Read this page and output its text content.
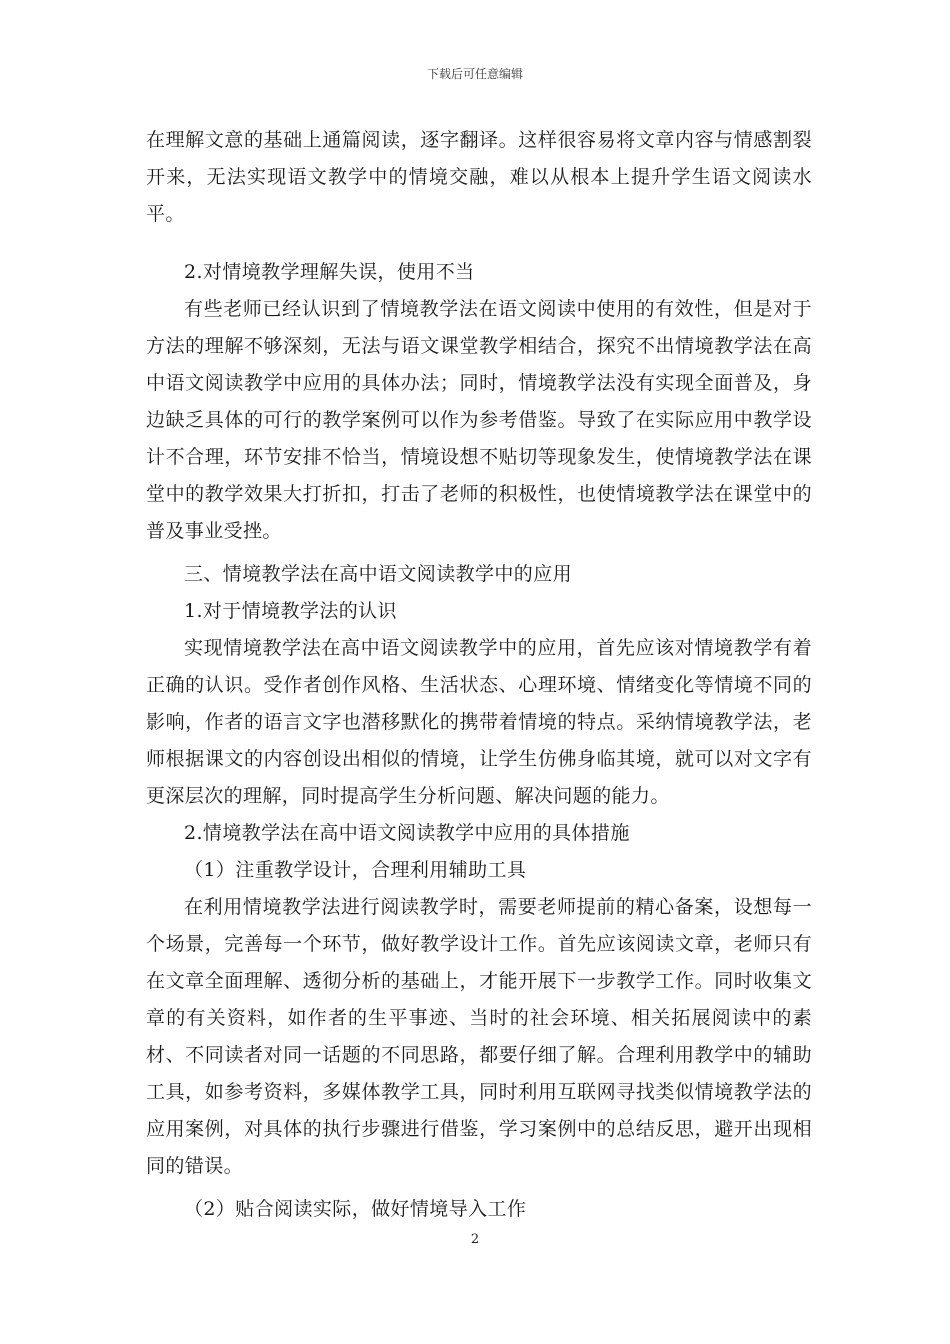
下载后可任意编辑

在理解文意的基础上通篇阅读，逐字翻译。这样很容易将文章内容与情感割裂开来，无法实现语文教学中的情境交融，难以从根本上提升学生语文阅读水平。

2.对情境教学理解失误，使用不当

有些老师已经认识到了情境教学法在语文阅读中使用的有效性，但是对于方法的理解不够深刻，无法与语文课堂教学相结合，探究不出情境教学法在高中语文阅读教学中应用的具体办法；同时，情境教学法没有实现全面普及，身边缺乏具体的可行的教学案例可以作为参考借鉴。导致了在实际应用中教学设计不合理，环节安排不恰当，情境设想不贴切等现象发生，使情境教学法在课堂中的教学效果大打折扣，打击了老师的积极性，也使情境教学法在课堂中的普及事业受挫。

三、情境教学法在高中语文阅读教学中的应用

1.对于情境教学法的认识

实现情境教学法在高中语文阅读教学中的应用，首先应该对情境教学有着正确的认识。受作者创作风格、生活状态、心理环境、情绪变化等情境不同的影响，作者的语言文字也潜移默化的携带着情境的特点。采纳情境教学法，老师根据课文的内容创设出相似的情境，让学生仿佛身临其境，就可以对文字有更深层次的理解，同时提高学生分析问题、解决问题的能力。

2.情境教学法在高中语文阅读教学中应用的具体措施

（1）注重教学设计，合理利用辅助工具

在利用情境教学法进行阅读教学时，需要老师提前的精心备案，设想每一个场景，完善每一个环节，做好教学设计工作。首先应该阅读文章，老师只有在文章全面理解、透彻分析的基础上，才能开展下一步教学工作。同时收集文章的有关资料，如作者的生平事迹、当时的社会环境、相关拓展阅读中的素材、不同读者对同一话题的不同思路，都要仔细了解。合理利用教学中的辅助工具，如参考资料，多媒体教学工具，同时利用互联网寻找类似情境教学法的应用案例，对具体的执行步骤进行借鉴，学习案例中的总结反思，避开出现相同的错误。

（2）贴合阅读实际，做好情境导入工作

2
